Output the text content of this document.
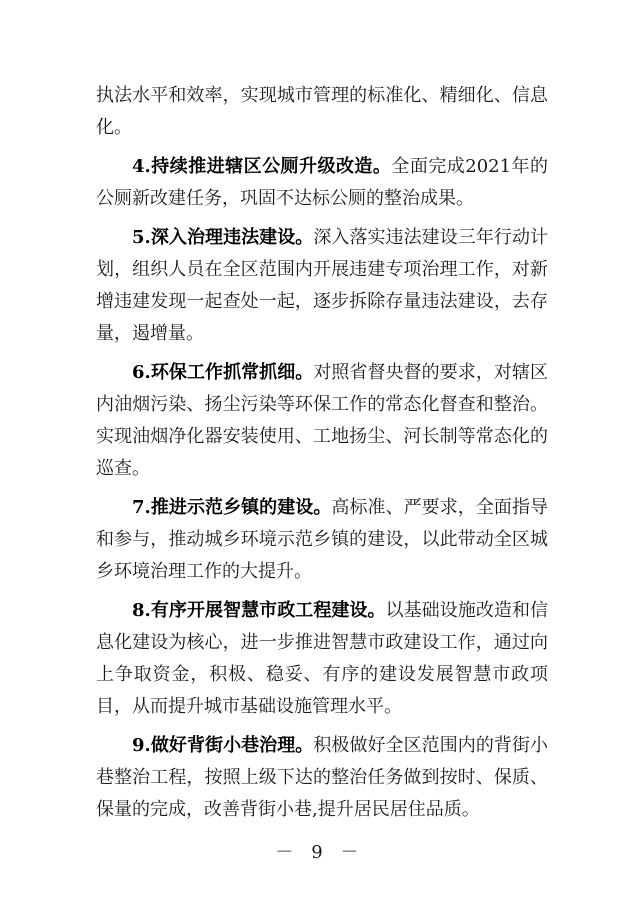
执法水平和效率，实现城市管理的标准化、精细化、信息化。

4.持续推进辖区公厕升级改造。全面完成2021年的公厕新改建任务，巩固不达标公厕的整治成果。

5.深入治理违法建设。深入落实违法建设三年行动计划，组织人员在全区范围内开展违建专项治理工作，对新增违建发现一起查处一起，逐步拆除存量违法建设，去存量，遏增量。

6.环保工作抓常抓细。对照省督央督的要求，对辖区内油烟污染、扬尘污染等环保工作的常态化督查和整治。实现油烟净化器安装使用、工地扬尘、河长制等常态化的巡查。

7.推进示范乡镇的建设。高标准、严要求，全面指导和参与，推动城乡环境示范乡镇的建设，以此带动全区城乡环境治理工作的大提升。

8.有序开展智慧市政工程建设。以基础设施改造和信息化建设为核心，进一步推进智慧市政建设工作，通过向上争取资金，积极、稳妥、有序的建设发展智慧市政项目，从而提升城市基础设施管理水平。

9.做好背街小巷治理。积极做好全区范围内的背街小巷整治工程，按照上级下达的整治任务做到按时、保质、保量的完成，改善背街小巷,提升居民居住品质。

－ 9 －
